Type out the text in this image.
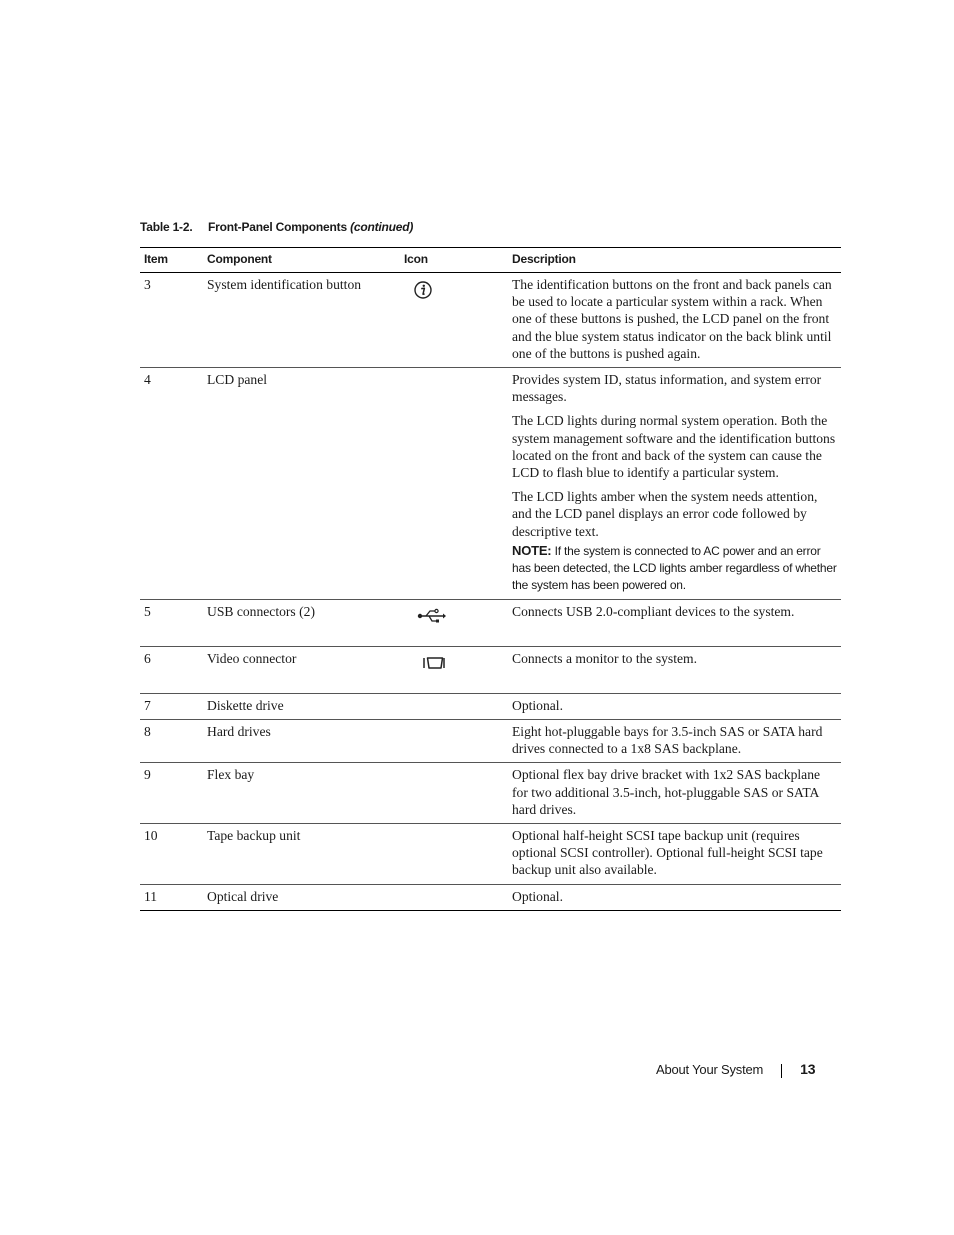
Table 1-2. Front-Panel Components (continued)
Item	Component	Icon	Description
3	System identification button		The identification buttons on the front and back panels can be used to locate a particular system within a rack. When one of these buttons is pushed, the LCD panel on the front and the blue system status indicator on the back blink until one of the buttons is pushed again.

4	LCD panel		Provides system ID, status information, and system error messages.

The LCD lights during normal system operation. Both the system management software and the identification buttons located on the front and back of the system can cause the LCD to flash blue to identify a particular system.

The LCD lights amber when the system needs attention, and the LCD panel displays an error code followed by descriptive text.

NOTE: If the system is connected to AC power and an error has been detected, the LCD lights amber regardless of whether the system has been powered on.

5	USB connectors (2)		Connects USB 2.0-compliant devices to the system.

6	Video connector		Connects a monitor to the system.

7	Diskette drive		Optional.

8	Hard drives		Eight hot-pluggable bays for 3.5-inch SAS or SATA hard drives connected to a 1x8 SAS backplane.

9	Flex bay		Optional flex bay drive bracket with 1x2 SAS backplane for two additional 3.5-inch, hot-pluggable SAS or SATA hard drives.

10	Tape backup unit		Optional half-height SCSI tape backup unit (requires optional SCSI controller). Optional full-height SCSI tape backup unit also available.

11	Optical drive		Optional.

About Your System	13
